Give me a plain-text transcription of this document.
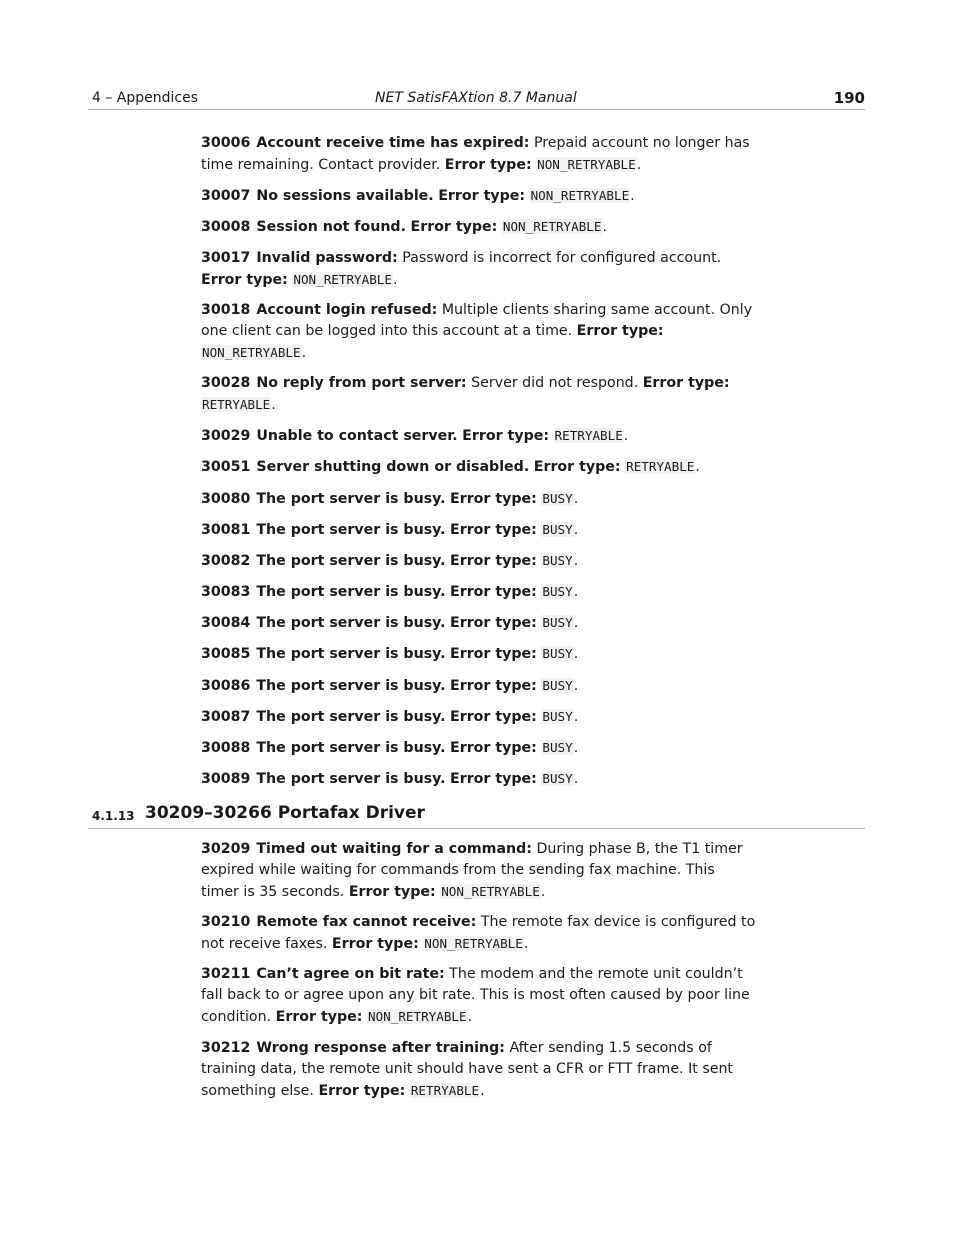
4 – Appendices	NET SatisFAXtion 8.7 Manual	190

30006 Account receive time has expired: Prepaid account no longer has time remaining. Contact provider. Error type: NON_RETRYABLE.

30007 No sessions available. Error type: NON_RETRYABLE.

30008 Session not found. Error type: NON_RETRYABLE.

30017 Invalid password: Password is incorrect for configured account. Error type: NON_RETRYABLE.

30018 Account login refused: Multiple clients sharing same account. Only one client can be logged into this account at a time. Error type: NON_RETRYABLE.

30028 No reply from port server: Server did not respond. Error type: RETRYABLE.

30029 Unable to contact server. Error type: RETRYABLE.

30051 Server shutting down or disabled. Error type: RETRYABLE.

30080 The port server is busy. Error type: BUSY.

30081 The port server is busy. Error type: BUSY.

30082 The port server is busy. Error type: BUSY.

30083 The port server is busy. Error type: BUSY.

30084 The port server is busy. Error type: BUSY.

30085 The port server is busy. Error type: BUSY.

30086 The port server is busy. Error type: BUSY.

30087 The port server is busy. Error type: BUSY.

30088 The port server is busy. Error type: BUSY.

30089 The port server is busy. Error type: BUSY.

4.1.13 30209–30266 Portafax Driver

30209 Timed out waiting for a command: During phase B, the T1 timer expired while waiting for commands from the sending fax machine. This timer is 35 seconds. Error type: NON_RETRYABLE.

30210 Remote fax cannot receive: The remote fax device is configured to not receive faxes. Error type: NON_RETRYABLE.

30211 Can’t agree on bit rate: The modem and the remote unit couldn’t fall back to or agree upon any bit rate. This is most often caused by poor line condition. Error type: NON_RETRYABLE.

30212 Wrong response after training: After sending 1.5 seconds of training data, the remote unit should have sent a CFR or FTT frame. It sent something else. Error type: RETRYABLE.
